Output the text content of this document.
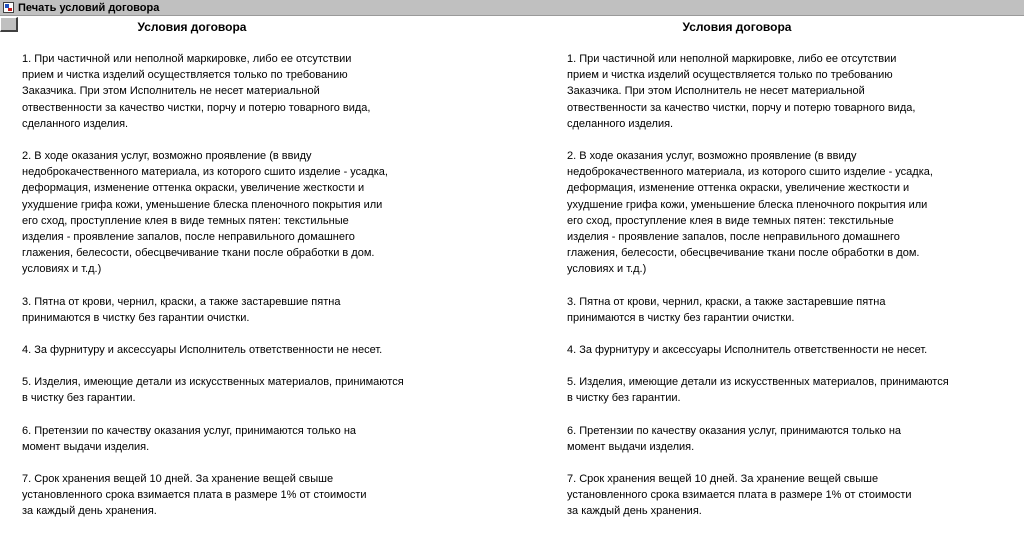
Печать условий договора
Условия договора
1. При частичной или неполной маркировке, либо ее отсутствии
прием и чистка изделий осуществляется только по требованию
Заказчика. При этом Исполнитель не несет материальной
отвественности за качество чистки, порчу и потерю товарного вида,
сделанного изделия.
2. В ходе оказания услуг, возможно проявление (в ввиду
недоброкачественного материала, из которого сшито изделие - усадка,
деформация, изменение оттенка окраски, увеличение жесткости и
ухудшение грифа кожи, уменьшение блеска пленочного покрытия или
его сход, проступление клея в виде темных пятен: текстильные
изделия - проявление запалов, после неправильного домашнего
глажения, белесости, обесцвечивание ткани после обработки в дом.
условиях и т.д.)
3. Пятна от крови, чернил, краски, а также застаревшие пятна
принимаются в чистку без гарантии очистки.
4. За фурнитуру и аксессуары Исполнитель ответственности не несет.
5. Изделия, имеющие детали из искусственных материалов, принимаются
в чистку без гарантии.
6. Претензии по качеству оказания услуг, принимаются только на
момент выдачи изделия.
7. Срок хранения вещей 10 дней. За хранение вещей свыше
установленного срока взимается плата в размере 1% от стоимости
за каждый день хранения.
Условия договора
1. При частичной или неполной маркировке, либо ее отсутствии
прием и чистка изделий осуществляется только по требованию
Заказчика. При этом Исполнитель не несет материальной
отвественности за качество чистки, порчу и потерю товарного вида,
сделанного изделия.
2. В ходе оказания услуг, возможно проявление (в ввиду
недоброкачественного материала, из которого сшито изделие - усадка,
деформация, изменение оттенка окраски, увеличение жесткости и
ухудшение грифа кожи, уменьшение блеска пленочного покрытия или
его сход, проступление клея в виде темных пятен: текстильные
изделия - проявление запалов, после неправильного домашнего
глажения, белесости, обесцвечивание ткани после обработки в дом.
условиях и т.д.)
3. Пятна от крови, чернил, краски, а также застаревшие пятна
принимаются в чистку без гарантии очистки.
4. За фурнитуру и аксессуары Исполнитель ответственности не несет.
5. Изделия, имеющие детали из искусственных материалов, принимаются
в чистку без гарантии.
6. Претензии по качеству оказания услуг, принимаются только на
момент выдачи изделия.
7. Срок хранения вещей 10 дней. За хранение вещей свыше
установленного срока взимается плата в размере 1% от стоимости
за каждый день хранения.
